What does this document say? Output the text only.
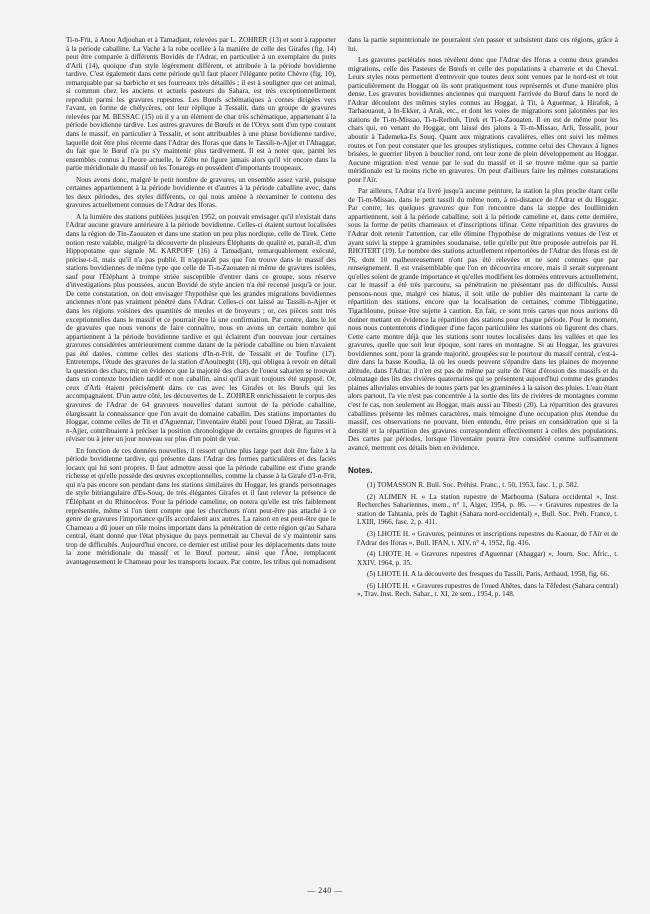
Ti-n-Frit, à Anou Adjouhan et à Tamadjant, relevées par L. ZOHRER (13) et sont à rapporter à la période caballine. La Vache à la robe ocellée à la manière de celle des Girafes (fig. 14) peut être comparée à différents Bovidés de l'Adrar, en particulier à un exemplaire du puits d'Arli (14), quoique d'un style légèrement différent, et attribuée à la période bovidienne tardive. C'est également dans cette période qu'il faut placer l'élégante petite Chèvre (fig. 10), remarquable par sa barbiche et ses fourreaux très détaillés ; il est à souligner que cet animal, si commun chez les anciens et actuels pasteurs du Sahara, est très exceptionnellement reproduit parmi les gravures rupestres. Les Bœufs schématiques à cornes dirigées vers l'avant, en forme de chélycères, ont leur réplique à Tessalit, dans un groupe de gravures relevées par M. BESSAC (15) où il y a un élément de char très schématique, appartenant à la période bovidienne tardive. Les autres gravures de Bœufs et de l'Oryx sont d'un type courant dans le massif, en particulier à Tessalit, et sont attribuables à une phase bovidienne tardive, laquelle doit être plus récente dans l'Adrar des Iforas que dans le Tassili-n-Ajjer et l'Ahaggar, du fait que le Bœuf n'a pu s'y maintenir plus tardivement. Il est à noter que, parmi les ensembles connus à l'heure actuelle, le Zébu ne figure jamais alors qu'il vit encore dans la partie méridionale du massif où les Touaregs en possèdent d'importants troupeaux.

Nous avons donc, malgré le petit nombre de gravures, un ensemble assez varié, puisque certaines appartiennent à la période bovidienne et d'autres à la période caballine avec, dans les deux périodes, des styles différents, ce qui nous amène à réexaminer le contenu des gravures actuellement connues de l'Adrar des Iforas.

A la lumière des stations publiées jusqu'en 1952, on pouvait envisager qu'il n'existait dans l'Adrar aucune gravure antérieure à la période bovidienne. Celles-ci étaient surtout localisées dans la région de Tin-Zaouaten et dans une station un peu plus nordique, celle de Tirek. Cette notion reste valable, malgré la découverte de plusieurs Éléphants de qualité et, paraît-il, d'un Hippopotame que signale M. KARPOFF (16) à Tamadjant, remarquablement exécuté, précise-t-il, mais qu'il n'a pas publié. Il n'apparaît pas que l'on trouve dans le massif des stations bovidiennes de même type que celle de Ti-n-Zaouaten ni même de gravures isolées, sauf pour l'Éléphant à trompe striée susceptible d'entrer dans ce groupe, sous réserve d'investigations plus poussées, aucun Bovidé de style ancien n'a été recensé jusqu'à ce jour. De cette constatation, on doit envisager l'hypothèse que les grandes migrations bovidiennes anciennes n'ont pas vraiment pénétré dans l'Adrar. Celles-ci ont laissé au Tassili-n-Ajjer et dans les régions voisines des quantités de meules et de broyeurs ; or, ces pièces sont très exceptionnelles dans le massif et ce pourrait être là une confirmation. Par contre, dans le lot de gravures que nous venons de faire connaître, nous en avons un certain nombre qui appartiennent à la période bovidienne tardive et qui éclairent d'un nouveau jour certaines gravures considérées antérieurement comme datant de la période caballine ou bien n'avaient pas été datées, comme celles des stations d'In-n-Frit, de Tessalit et de Toufine (17). Entretemps, l'étude des gravures de la station d'Aouineght (18), qui obligea à revoir en détail la question des chars, mit en évidence que la majorité des chars de l'ouest saharien se trouvait dans un contexte bovidien tardif et non caballin, ainsi qu'il avait toujours été supposé. Or, ceux d'Arli étaient précisément dans ce cas avec les Girafes et les Bœufs qui les accompagnaient. D'un autre côté, les découvertes de L. ZOHRER enrichissaient le corpus des gravures de l'Adrar de 64 gravures nouvelles datant surtout de la période caballine, élargissant la connaissance que l'on avait du domaine caballin. Des stations importantes du Hoggar, comme celles de Tit et d'Aguennar, l'inventaire établi pour l'oued Djérat, au Tassili-n-Ajjer, contribuaient à préciser la position chronologique de certains groupes de figures et à réviser ou à jeter un jour nouveau sur plus d'un point de vue.

En fonction de ces données nouvelles, il ressort qu'une plus large part doit être faite à la période bovidienne tardive, qui présente dans l'Adrar des formes particulières et des faciès locaux qui lui sont propres. Il faut admettre aussi que la période caballine est d'une grande richesse et qu'elle possède des œuvres exceptionnelles, comme la chasse à la Girafe d'I-n-Frit, qui n'a pas encore son pendant dans les stations similaires du Hoggar, les grands personnages de style bitriangulaire d'Es-Souq, de très élégantes Girafes et il faut relever la présence de l'Éléphant et du Rhinocéros. Pour la période cameline, on notera qu'elle est très faiblement représentée, même si l'on tient compte que les chercheurs n'ont peut-être pas attaché à ce genre de gravures l'importance qu'ils accordaient aux autres. La raison en est peut-être que le Chameau a dû jouer un rôle moins important dans la pénétration de cette région qu'au Sahara central, étant donné que l'état physique du pays permettait au Cheval de s'y maintenir sans trop de difficultés. Aujourd'hui encore, ce dernier est utilisé pour les déplacements dans toute la zone méridionale du massif et le Bœuf porteur, ainsi que l'Âne, remplacent avantageusement le Chameau pour les transports locaux. Par contre, les tribus qui nomadisent

dans la partie septentrionale ne pourraient s'en passer et subsistent dans ces régions, grâce à lui.

Les gravures pariétales nous révèlent donc que l'Adrar des Iforas a connu deux grandes migrations, celle des Pasteurs de Bœufs et celle des populations à charrerie et du Cheval. Leurs styles nous permettent d'entrevoir que toutes deux sont venues par le nord-est et tout particulièrement du Hoggar où ils sont pratiquement tous représentés et d'une manière plus dense. Les gravures bovidiennes anciennes qui marquent l'arrivée du Bœuf dans le nord de l'Adrar découlent des mêmes styles connus au Hoggar, à Tit, à Aguennar, à Hirafok, à Tarhaouaout, à In-Ekker, à Arak, etc., et dont les voies de migrations sont jalonnées par les stations de Ti-m-Missao, Ti-n-Rerhoh, Tirek et Ti-n-Zaouaten. Il en est de même pour les chars qui, en venant du Hoggar, ont laissé des jalons à Ti-m-Missao, Arli, Tessalit, pour aboutir à Tademeka-Es Souq. Quant aux migrations cavalières, elles ont suivi les mêmes routes et l'on peut constater que les groupes stylistiques, comme celui des Chevaux à lignes brisées, le guerrier libyen à bouclier rond, ont leur zone de plein développement au Hoggar. Aucune migration n'est venue par le sud du massif et il se trouve même que sa partie méridionale est la moins riche en gravures. On peut d'ailleurs faire les mêmes constatations pour l'Aïr.

Par ailleurs, l'Adrar n'a livré jusqu'à aucune peinture, la station la plus proche étant celle de Ti-m-Missao, dans le petit tassili du même nom, à mi-distance de l'Adrar et du Hoggar. Par contre, les quelques gravures que l'on rencontre dans la steppe des Ioullimiden appartiennent, soit à la période caballine, soit à la période cameline et, dans cette dernière, sous la forme de petits chameaux et d'inscriptions tifinar. Cette répartition des gravures de l'Adrar doit retenir l'attention, car elle élimine l'hypothèse de migrations venues de l'est et ayant suivi la steppe à graminées soudanaise, telle qu'elle put être proposée autrefois par H. RHOTERT (19). Le nombre des stations actuellement répertoriées de l'Adrar des Iforas est de 76, dont 10 malheureusement n'ont pas été relevées et ne sont connues que par renseignement. Il est vraisemblable que l'on en découvrira encore, mais il serait surprenant qu'elles soient de grande importance et qu'elles modifient les données entrevues actuellement, car le massif a été très parcouru, sa pénétration ne présentant pas de difficultés. Aussi pensons-nous que, malgré ces hiatus, il soit utile de publier dès maintenant la carte de répartition des stations, encore que la localisation de certaines, comme Tibbiggatine, Tigachloune, puisse être sujette à caution. En fait, ce sont trois cartes que nous aurions dû donner mettant en évidence la répartition des stations pour chaque période. Pour le moment, nous nous contenterons d'indiquer d'une façon particulière les stations où figurent des chars. Cette carte montre déjà que les stations sont toutes localisées dans les vallées et que les gravures, quelle que soit leur époque, sont rares en montagne. Si au Hoggar, les gravures bovidiennes sont, pour la grande majorité, groupées sur le pourtour du massif central, c'est-à-dire dans la basse Koudia, là où les oueds peuvent s'épandre dans les plaines de moyenne altitude, dans l'Adrar, il n'en est pas de même par suite de l'état d'érosion des massifs et du colmatage des lits des rivières quaternaires qui se présentent aujourd'hui comme des grandes plaines alluviales envahies de toutes parts par les graminées à la saison des pluies. L'eau étant alors partout, l'a vie n'est pas concentrée à la sortie des lits de rivières de montagnes comme c'est le cas, non seulement au Hoggar, mais aussi au Tibesti (20). La répartition des gravures caballines présente les mêmes caractères, mais témoigne d'une occupation plus étendue du massif, ces observations ne pouvant, bien entendu, être prises en considération que si la densité et la répartition des gravures correspondent effectivement à celles des populations. Des cartes par périodes, lorsque l'inventaire pourra être considéré comme suffisamment avancé, mettront ces détails bien en évidence.

Notes.

(1) TOMASSON R. Bull. Soc. Préhist. Franc., t. 50, 1953, fasc. 1, p. 582.

(2) ALIMEN H. « La station rupestre de Marhouma (Sahara occidental », Inst. Recherches Sahariennes, mem., n° 1, Alger, 1954, p. 86. — « Gravures rupestres de la station de Tahtania, près de Taghit (Sahara nord-occidental) », Bull. Soc. Préh. France, t. LXIII, 1966, fasc. 2, p. 411.

(3) LHOTE H. « Gravures, peintures et inscriptions rupestres du Kaouar, de l'Aïr et de l'Adrar des Iforas », Bull. IFAN, t. XIV, n° 4, 1952, fig. 416.

(4) LHOTE H. « Gravures rupestres d'Aguennar (Ahaggar) », Journ. Soc. Afric., t. XXIV, 1964, p. 35.

(5) LHOTE H. A la découverte des fresques du Tassili, Paris, Arthaud, 1958, fig. 66.

(6) LHOTE H. « Gravures rupestres de l'oued Ahêtes, dans la Têfedest (Sahara central) », Trav. Inst. Rech. Sahar., t. XI, 2e sem., 1954, p. 148.

— 240 —
